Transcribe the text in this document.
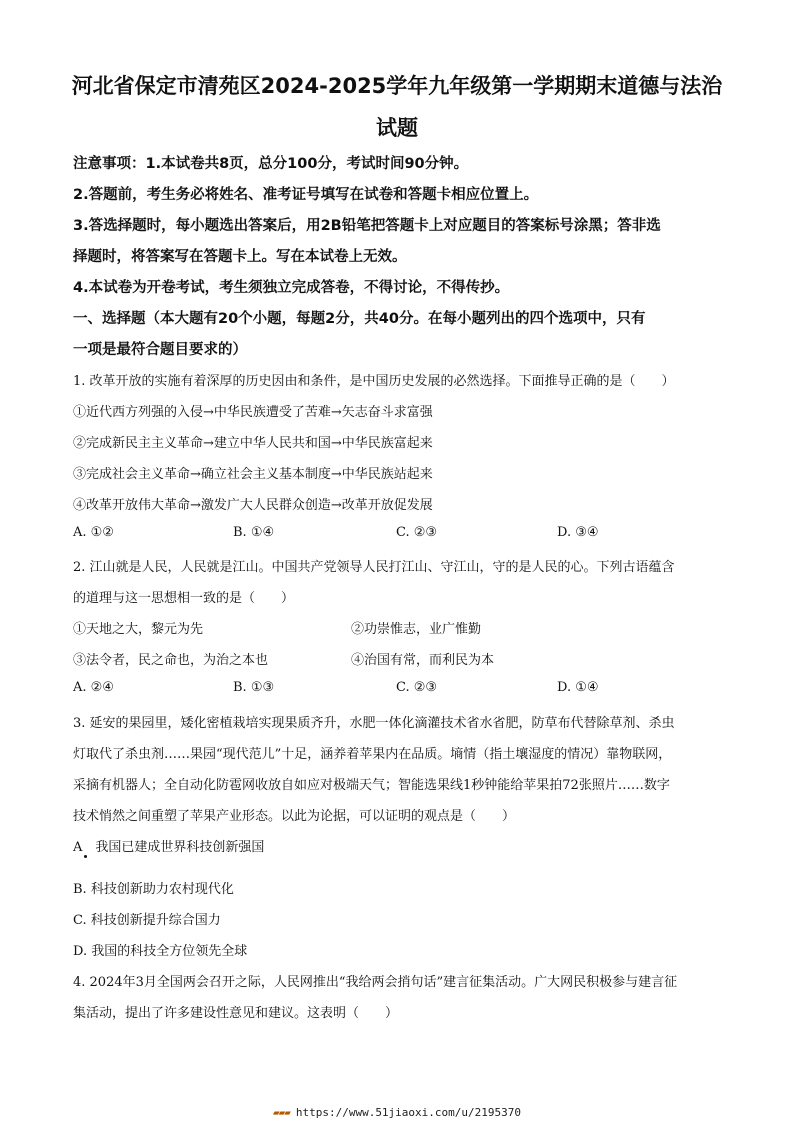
河北省保定市清苑区2024-2025学年九年级第一学期期末道德与法治
试题
注意事项：1.本试卷共8页，总分100分，考试时间90分钟。
2.答题前，考生务必将姓名、准考证号填写在试卷和答题卡相应位置上。
3.答选择题时，每小题选出答案后，用2B铅笔把答题卡上对应题目的答案标号涂黑；答非选
择题时，将答案写在答题卡上。写在本试卷上无效。
4.本试卷为开卷考试，考生须独立完成答卷，不得讨论，不得传抄。
一、选择题（本大题有20个小题，每题2分，共40分。在每小题列出的四个选项中，只有
一项是最符合题目要求的）
1. 改革开放的实施有着深厚的历史因由和条件，是中国历史发展的必然选择。下面推导正确的是（　　）
①近代西方列强的入侵→中华民族遭受了苦难→矢志奋斗求富强
②完成新民主主义革命→建立中华人民共和国→中华民族富起来
③完成社会主义革命→确立社会主义基本制度→中华民族站起来
④改革开放伟大革命→激发广大人民群众创造→改革开放促发展
A. ①②	B. ①④	C. ②③	D. ③④
2. 江山就是人民，人民就是江山。中国共产党领导人民打江山、守江山，守的是人民的心。下列古语蕴含
的道理与这一思想相一致的是（　　）
①天地之大，黎元为先	②功崇惟志，业广惟勤
③法令者，民之命也，为治之本也	④治国有常，而利民为本
A. ②④	B. ①③	C. ②③	D. ①④
3. 延安的果园里，矮化密植栽培实现果质齐升，水肥一体化滴灌技术省水省肥，防草布代替除草剂、杀虫
灯取代了杀虫剂……果园“现代范儿”十足，涵养着苹果内在品质。墒情（指土壤湿度的情况）靠物联网，
采摘有机器人；全自动化防雹网收放自如应对极端天气；智能选果线1秒钟能给苹果拍72张照片……数字
技术悄然之间重塑了苹果产业形态。以此为论据，可以证明的观点是（　　）
A　我国已建成世界科技创新强国
B. 科技创新助力农村现代化
C. 科技创新提升综合国力
D. 我国的科技全方位领先全球
4. 2024年3月全国两会召开之际，人民网推出“我给两会捎句话”建言征集活动。广大网民积极参与建言征
集活动，提出了许多建设性意见和建议。这表明（　　）
▰▰▰ https://www.51jiaoxi.com/u/2195370
